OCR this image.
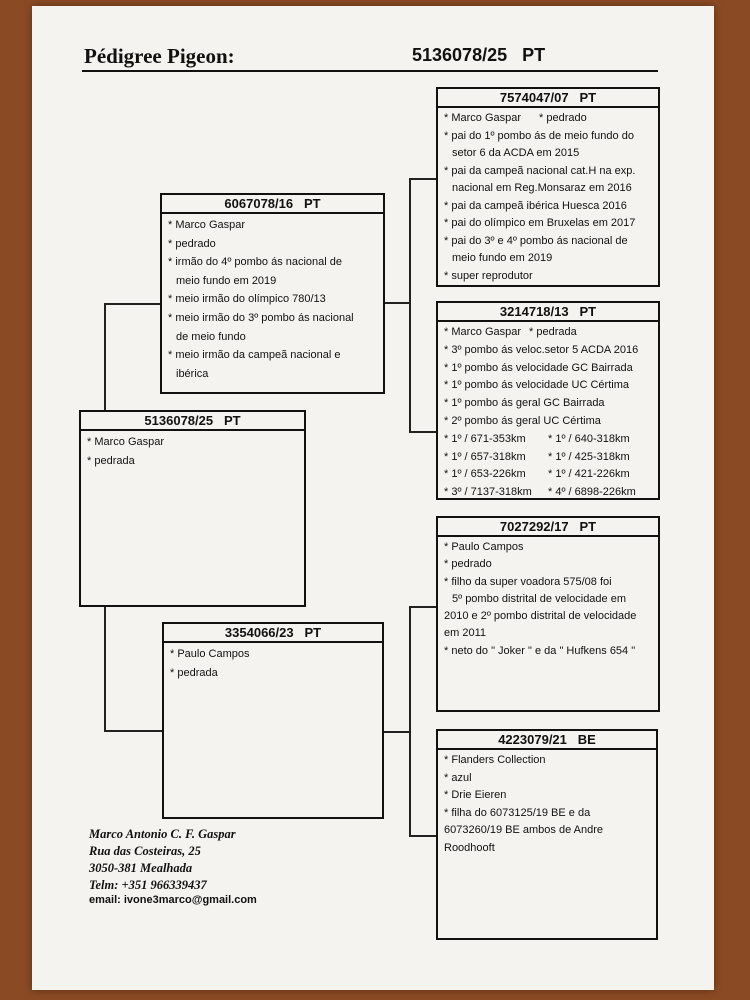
Pédigree Pigeon:	5136078/25   PT
5136078/25   PT
* Marco Gaspar
* pedrada
6067078/16   PT
* Marco Gaspar
* pedrado
* irmão do 4º pombo ás nacional de
meio fundo em 2019
* meio irmão do olímpico 780/13
* meio irmão do 3º pombo ás nacional
de meio fundo
* meio irmão da campeã nacional e
ibérica
3354066/23   PT
* Paulo Campos
* pedrada
7574047/07   PT
* Marco Gaspar * pedrado
* pai do 1º pombo ás de meio fundo do
setor 6 da ACDA em 2015
* pai da campeã nacional cat.H na exp.
nacional em Reg.Monsaraz em 2016
* pai da campeã ibérica Huesca 2016
* pai do olímpico em Bruxelas em 2017
* pai do 3º e 4º pombo ás nacional de
meio fundo em 2019
* super reprodutor
3214718/13   PT
* Marco Gaspar * pedrada
* 3º pombo ás veloc.setor 5 ACDA 2016
* 1º pombo ás velocidade GC Bairrada
* 1º pombo ás velocidade UC Cértima
* 1º pombo ás geral GC Bairrada
* 2º pombo ás geral UC Cértima
* 1º / 671-353km	* 1º / 640-318km
* 1º / 657-318km	* 1º / 425-318km
* 1º / 653-226km	* 1º / 421-226km
* 3º / 7137-318km	* 4º / 6898-226km
7027292/17   PT
* Paulo Campos
* pedrado
* filho da super voadora 575/08 foi
5º pombo distrital de velocidade em
2010 e 2º pombo distrital de velocidade
em 2011
* neto do " Joker " e da " Hufkens 654 "
4223079/21   BE
* Flanders Collection
* azul
* Drie Eieren
* filha do 6073125/19 BE e da
6073260/19 BE ambos de Andre
Roodhooft
Marco Antonio C. F. Gaspar
Rua das Costeiras, 25
3050-381 Mealhada
Telm: +351 966339437
email: ivone3marco@gmail.com
